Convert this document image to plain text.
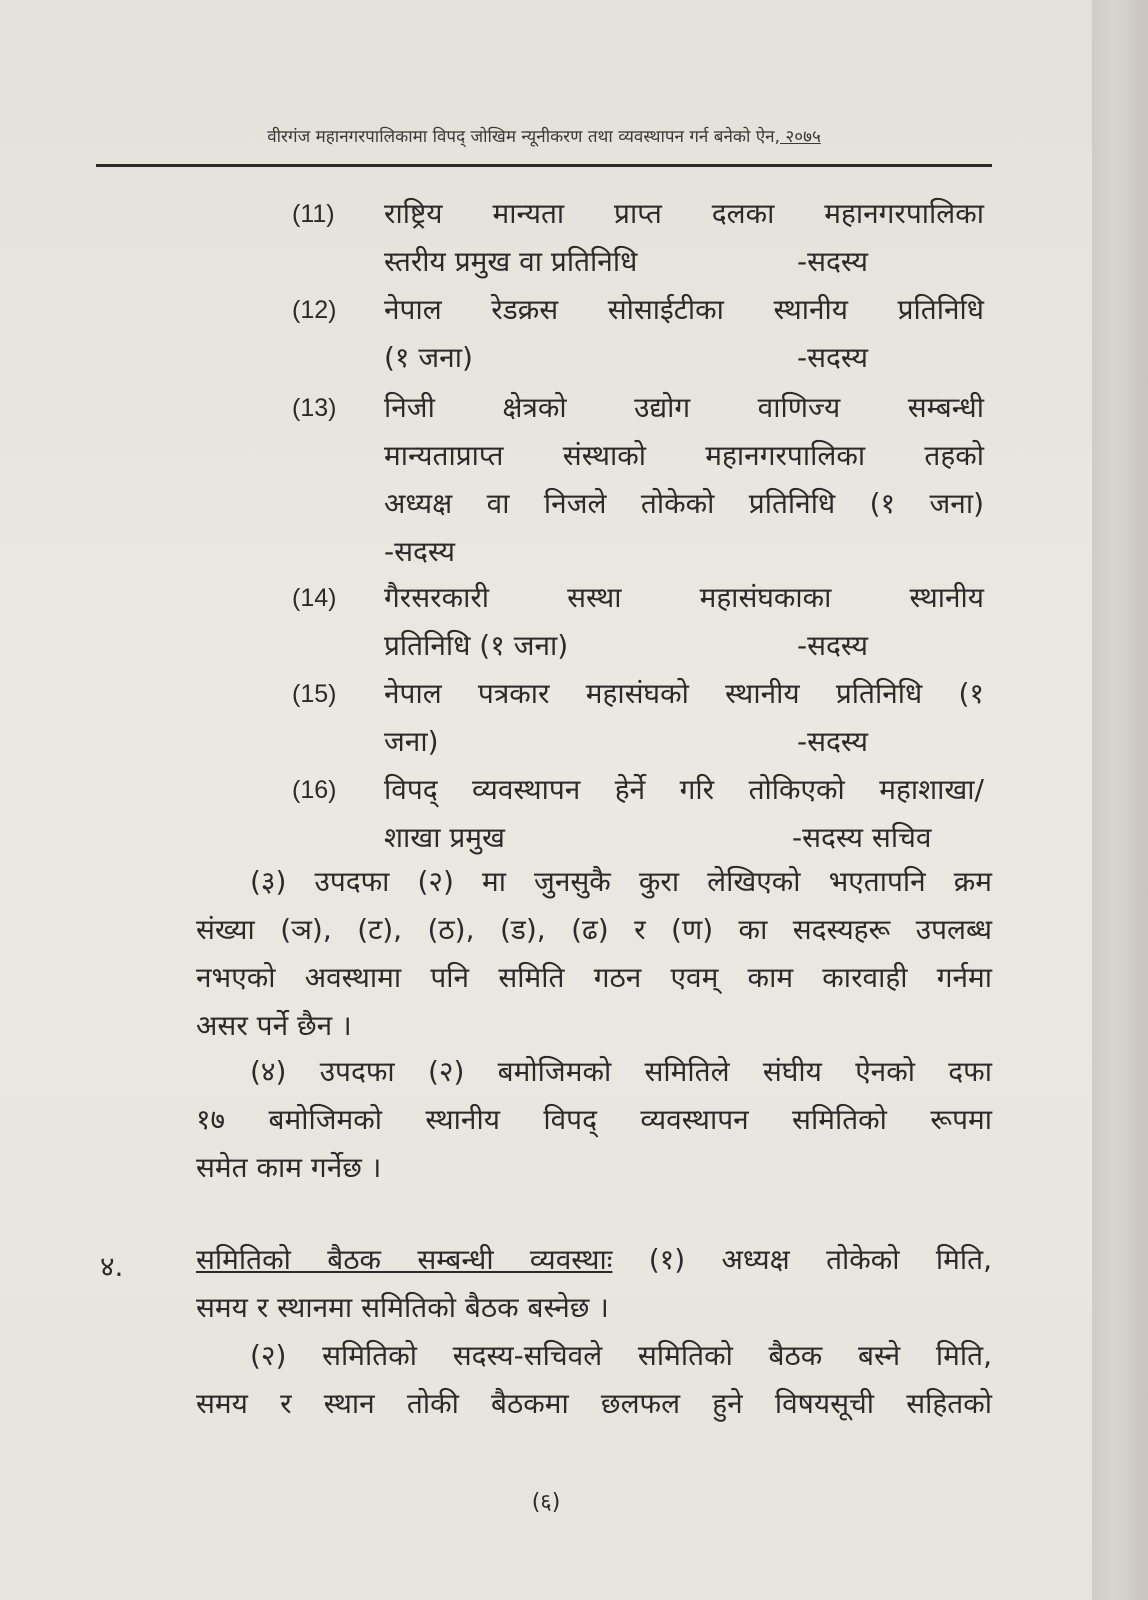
वीरगंज महानगरपालिकामा विपद् जोखिम न्यूनीकरण तथा व्यवस्थापन गर्न बनेको ऐन, २०७५
(11) राष्ट्रिय मान्यता प्राप्त दलका महानगरपालिका
स्तरीय प्रमुख वा प्रतिनिधि	-सदस्य
(12) नेपाल रेडक्रस सोसाईटीका स्थानीय प्रतिनिधि
(१ जना)	-सदस्य
(13) निजी क्षेत्रको उद्योग वाणिज्य सम्बन्धी
मान्यताप्राप्त संस्थाको महानगरपालिका तहको
अध्यक्ष वा निजले तोकेको प्रतिनिधि (१ जना)
-सदस्य
(14) गैरसरकारी सस्था महासंघकाका स्थानीय
प्रतिनिधि (१ जना)	-सदस्य
(15) नेपाल पत्रकार महासंघको स्थानीय प्रतिनिधि (१
जना)	-सदस्य
(16) विपद् व्यवस्थापन हेर्ने गरि तोकिएको महाशाखा/
शाखा प्रमुख	-सदस्य सचिव
(३) उपदफा (२) मा जुनसुकै कुरा लेखिएको भएतापनि क्रम
संख्या (ञ), (ट), (ठ), (ड), (ढ) र (ण) का सदस्यहरू उपलब्ध
नभएको अवस्थामा पनि समिति गठन एवम् काम कारवाही गर्नमा
असर पर्ने छैन ।
(४) उपदफा (२) बमोजिमको समितिले संघीय ऐनको दफा
१७ बमोजिमको स्थानीय विपद् व्यवस्थापन समितिको रूपमा
समेत काम गर्नेछ ।
४.	समितिको बैठक सम्बन्धी व्यवस्थाः (१) अध्यक्ष तोकेको मिति,
समय र स्थानमा समितिको बैठक बस्नेछ ।
(२) समितिको सदस्य-सचिवले समितिको बैठक बस्ने मिति,
समय र स्थान तोकी बैठकमा छलफल हुने विषयसूची सहितको
(६)
